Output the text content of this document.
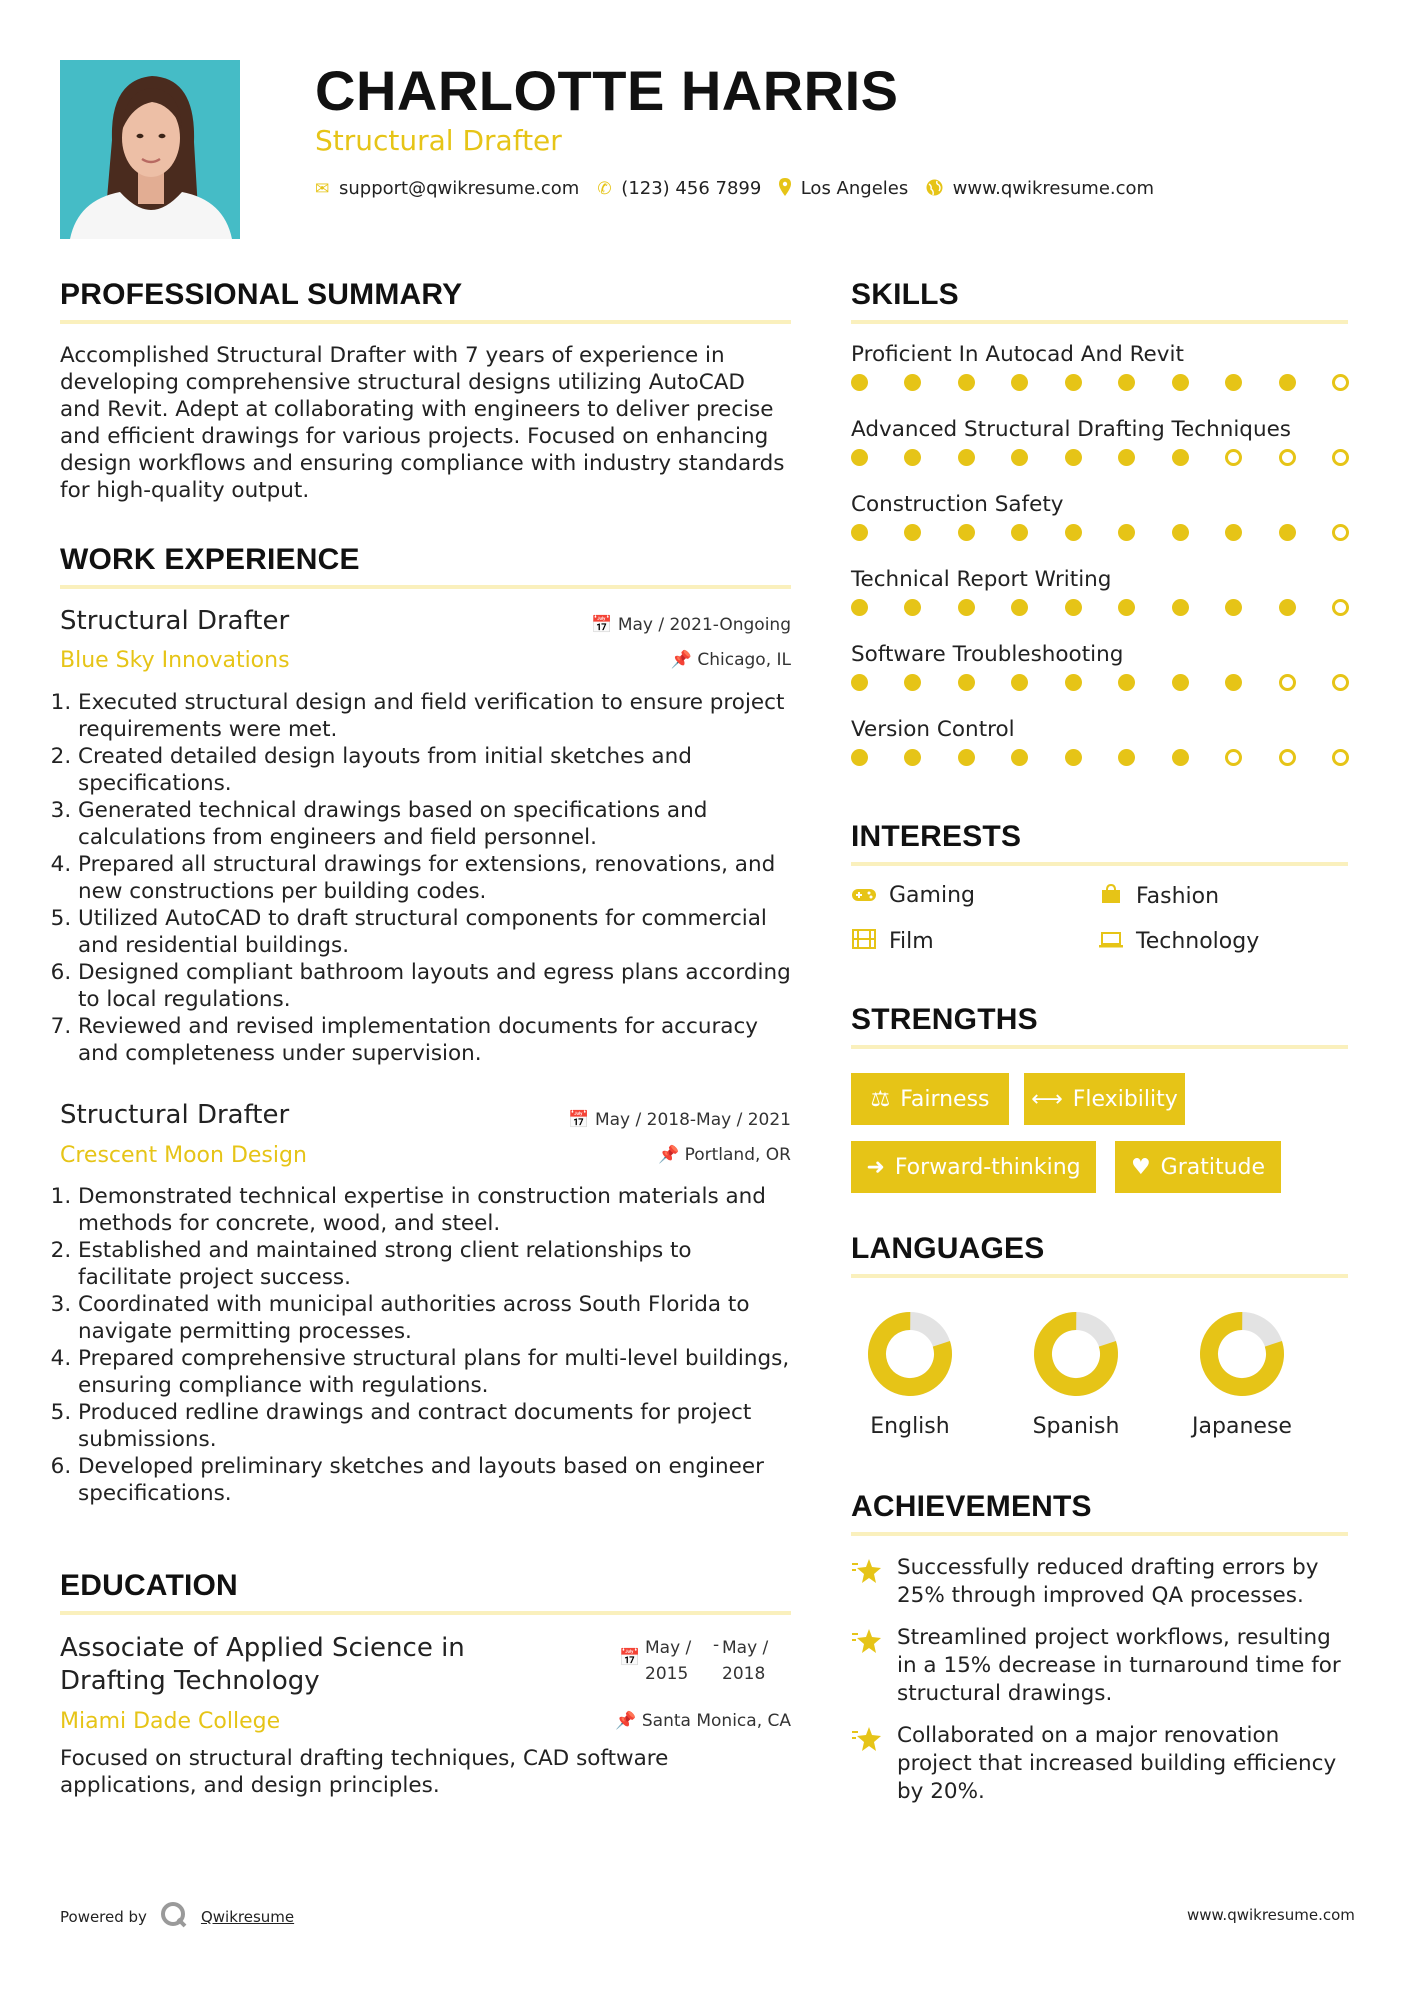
CHARLOTTE HARRIS
Structural Drafter
✉ support@qwikresume.com ✆ (123) 456 7899	Los Angeles	www.qwikresume.com
PROFESSIONAL SUMMARY
Accomplished Structural Drafter with 7 years of experience in developing comprehensive structural designs utilizing AutoCAD and Revit. Adept at collaborating with engineers to deliver precise and efficient drawings for various projects. Focused on enhancing design workflows and ensuring compliance with industry standards for high-quality output.
WORK EXPERIENCE
Structural Drafter	📅 May / 2021-Ongoing
Blue Sky Innovations	📌 Chicago, IL
1. Executed structural design and field verification to ensure project requirements were met.
2. Created detailed design layouts from initial sketches and specifications.
3. Generated technical drawings based on specifications and calculations from engineers and field personnel.
4. Prepared all structural drawings for extensions, renovations, and new constructions per building codes.
5. Utilized AutoCAD to draft structural components for commercial and residential buildings.
6. Designed compliant bathroom layouts and egress plans according to local regulations.
7. Reviewed and revised implementation documents for accuracy and completeness under supervision.
Structural Drafter	📅 May / 2018-May / 2021
Crescent Moon Design	📌 Portland, OR
1. Demonstrated technical expertise in construction materials and methods for concrete, wood, and steel.
2. Established and maintained strong client relationships to facilitate project success.
3. Coordinated with municipal authorities across South Florida to navigate permitting processes.
4. Prepared comprehensive structural plans for multi-level buildings, ensuring compliance with regulations.
5. Produced redline drawings and contract documents for project submissions.
6. Developed preliminary sketches and layouts based on engineer specifications.
EDUCATION
Associate of Applied Science in
Drafting Technology
📅 May /
2015
- May /
2018
Miami Dade College	📌 Santa Monica, CA
Focused on structural drafting techniques, CAD software applications, and design principles.
SKILLS
Proficient In Autocad And Revit
Advanced Structural Drafting Techniques
Construction Safety
Technical Report Writing
Software Troubleshooting
Version Control
INTERESTS
Gaming	Fashion
Film	Technology
STRENGTHS
⚖ Fairness ⟷ Flexibility
➜ Forward-thinking ♥ Gratitude
LANGUAGES
English	Spanish	Japanese
ACHIEVEMENTS
Successfully reduced drafting errors by 25% through improved QA processes.
Streamlined project workflows, resulting in a 15% decrease in turnaround time for structural drawings.
Collaborated on a major renovation project that increased building efficiency by 20%.
Powered by	Qwikresume	www.qwikresume.com
